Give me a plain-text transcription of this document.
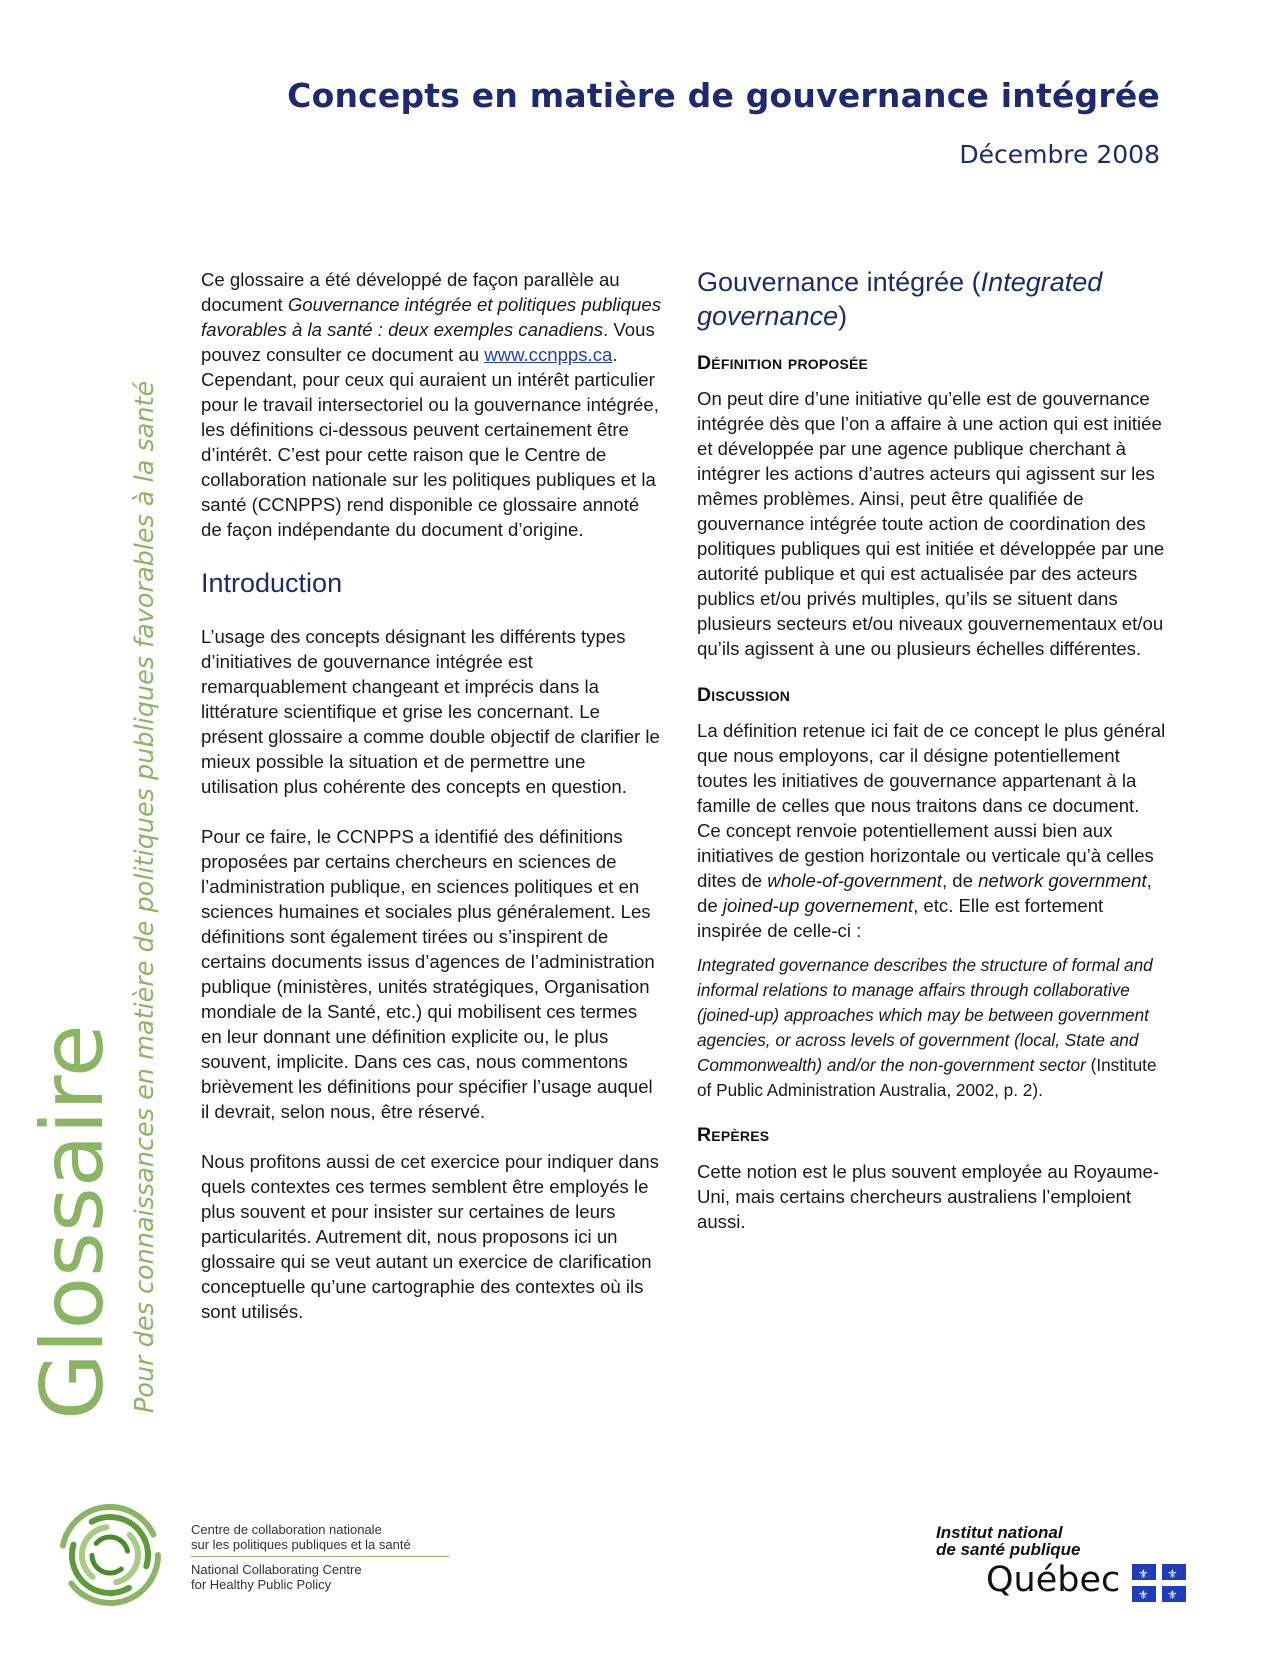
Concepts en matière de gouvernance intégrée
Décembre 2008
Glossaire Pour des connaissances en matière de politiques publiques favorables à la santé

Ce glossaire a été développé de façon parallèle au document Gouvernance intégrée et politiques publiques favorables à la santé : deux exemples canadiens. Vous pouvez consulter ce document au www.ccnpps.ca. Cependant, pour ceux qui auraient un intérêt particulier pour le travail intersectoriel ou la gouvernance intégrée, les définitions ci-dessous peuvent certainement être d’intérêt. C’est pour cette raison que le Centre de collaboration nationale sur les politiques publiques et la santé (CCNPPS) rend disponible ce glossaire annoté de façon indépendante du document d’origine.

Introduction

L’usage des concepts désignant les différents types d’initiatives de gouvernance intégrée est remarquablement changeant et imprécis dans la littérature scientifique et grise les concernant. Le présent glossaire a comme double objectif de clarifier le mieux possible la situation et de permettre une utilisation plus cohérente des concepts en question.

Pour ce faire, le CCNPPS a identifié des définitions proposées par certains chercheurs en sciences de l’administration publique, en sciences politiques et en sciences humaines et sociales plus généralement. Les définitions sont également tirées ou s’inspirent de certains documents issus d’agences de l’administration publique (ministères, unités stratégiques, Organisation mondiale de la Santé, etc.) qui mobilisent ces termes en leur donnant une définition explicite ou, le plus souvent, implicite. Dans ces cas, nous commentons brièvement les définitions pour spécifier l’usage auquel il devrait, selon nous, être réservé.

Nous profitons aussi de cet exercice pour indiquer dans quels contextes ces termes semblent être employés le plus souvent et pour insister sur certaines de leurs particularités. Autrement dit, nous proposons ici un glossaire qui se veut autant un exercice de clarification conceptuelle qu’une cartographie des contextes où ils sont utilisés.

Gouvernance intégrée (Integrated governance)
Définition proposée

On peut dire d’une initiative qu’elle est de gouvernance intégrée dès que l’on a affaire à une action qui est initiée et développée par une agence publique cherchant à intégrer les actions d’autres acteurs qui agissent sur les mêmes problèmes. Ainsi, peut être qualifiée de gouvernance intégrée toute action de coordination des politiques publiques qui est initiée et développée par une autorité publique et qui est actualisée par des acteurs publics et/ou privés multiples, qu’ils se situent dans plusieurs secteurs et/ou niveaux gouvernementaux et/ou qu’ils agissent à une ou plusieurs échelles différentes.

Discussion

La définition retenue ici fait de ce concept le plus général que nous employons, car il désigne potentiellement toutes les initiatives de gouvernance appartenant à la famille de celles que nous traitons dans ce document. Ce concept renvoie potentiellement aussi bien aux initiatives de gestion horizontale ou verticale qu’à celles dites de whole-of-government, de network government, de joined-up governement, etc. Elle est fortement inspirée de celle-ci :

Integrated governance describes the structure of formal and informal relations to manage affairs through collaborative (joined-up) approaches which may be between government agencies, or across levels of government (local, State and Commonwealth) and/or the non-government sector (Institute of Public Administration Australia, 2002, p. 2).

Repères

Cette notion est le plus souvent employée au Royaume-Uni, mais certains chercheurs australiens l’emploient aussi.

Centre de collaboration nationale
sur les politiques publiques et la santé
National Collaborating Centre
for Healthy Public Policy
Institut national
de santé publique
Québec ⚜ ⚜
⚜ ⚜
